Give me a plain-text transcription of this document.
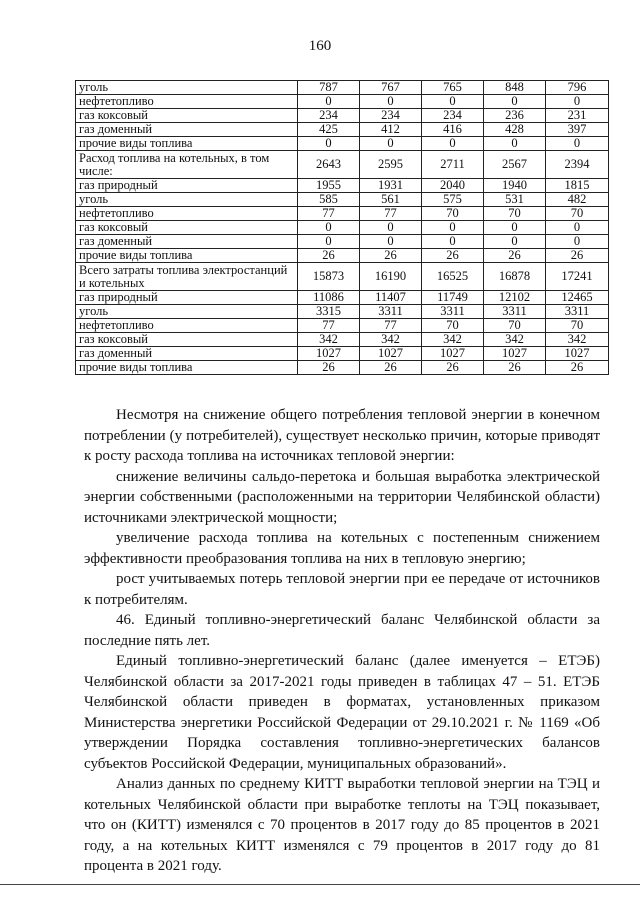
160
уголь	787	767	765	848	796
нефтетопливо	0	0	0	0	0
газ коксовый	234	234	234	236	231
газ доменный	425	412	416	428	397
прочие виды топлива	0	0	0	0	0
Расход топлива на котельных, в том числе:	2643	2595	2711	2567	2394
газ природный	1955	1931	2040	1940	1815
уголь	585	561	575	531	482
нефтетопливо	77	77	70	70	70
газ коксовый	0	0	0	0	0
газ доменный	0	0	0	0	0
прочие виды топлива	26	26	26	26	26
Всего затраты топлива электростанций и котельных	15873	16190	16525	16878	17241
газ природный	11086	11407	11749	12102	12465
уголь	3315	3311	3311	3311	3311
нефтетопливо	77	77	70	70	70
газ коксовый	342	342	342	342	342
газ доменный	1027	1027	1027	1027	1027
прочие виды топлива	26	26	26	26	26

Несмотря на снижение общего потребления тепловой энергии в конечном потреблении (у потребителей), существует несколько причин, которые приводят к росту расхода топлива на источниках тепловой энергии:

снижение величины сальдо-перетока и большая выработка электрической энергии собственными (расположенными на территории Челябинской области) источниками электрической мощности;

увеличение расхода топлива на котельных с постепенным снижением эффективности преобразования топлива на них в тепловую энергию;

рост учитываемых потерь тепловой энергии при ее передаче от источников к потребителям.

46. Единый топливно-энергетический баланс Челябинской области за последние пять лет.

Единый топливно-энергетический баланс (далее именуется – ЕТЭБ) Челябинской области за 2017-2021 годы приведен в таблицах 47 – 51. ЕТЭБ Челябинской области приведен в форматах, установленных приказом Министерства энергетики Российской Федерации от 29.10.2021 г. № 1169 «Об утверждении Порядка составления топливно-энергетических балансов субъектов Российской Федерации, муниципальных образований».

Анализ данных по среднему КИТТ выработки тепловой энергии на ТЭЦ и котельных Челябинской области при выработке теплоты на ТЭЦ показывает, что он (КИТТ) изменялся с 70 процентов в 2017 году до 85 процентов в 2021 году, а на котельных КИТТ изменялся с 79 процентов в 2017 году до 81 процента в 2021 году.
